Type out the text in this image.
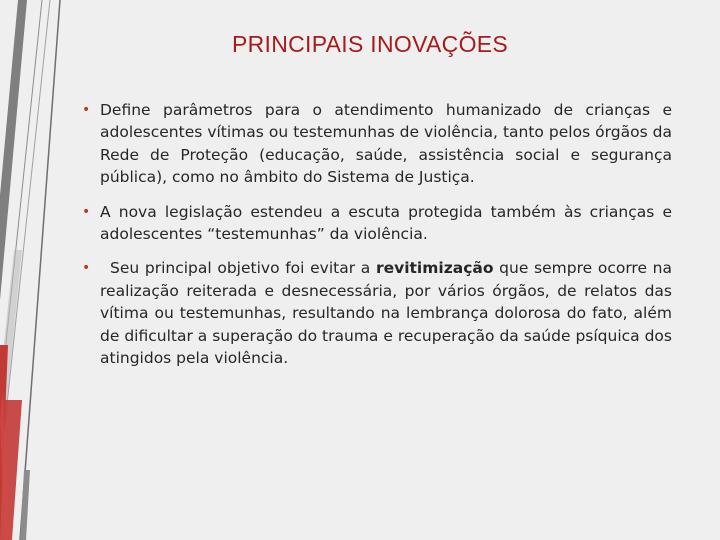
PRINCIPAIS INOVAÇÕES
• Define parâmetros para o atendimento humanizado de crianças e adolescentes vítimas ou testemunhas de violência, tanto pelos órgãos da Rede de Proteção (educação, saúde, assistência social e segurança pública), como no âmbito do Sistema de Justiça.
• A nova legislação estendeu a escuta protegida também às crianças e adolescentes “testemunhas” da violência.
• Seu principal objetivo foi evitar a revitimização que sempre ocorre na realização reiterada e desnecessária, por vários órgãos, de relatos das vítima ou testemunhas, resultando na lembrança dolorosa do fato, além de dificultar a superação do trauma e recuperação da saúde psíquica dos atingidos pela violência.
